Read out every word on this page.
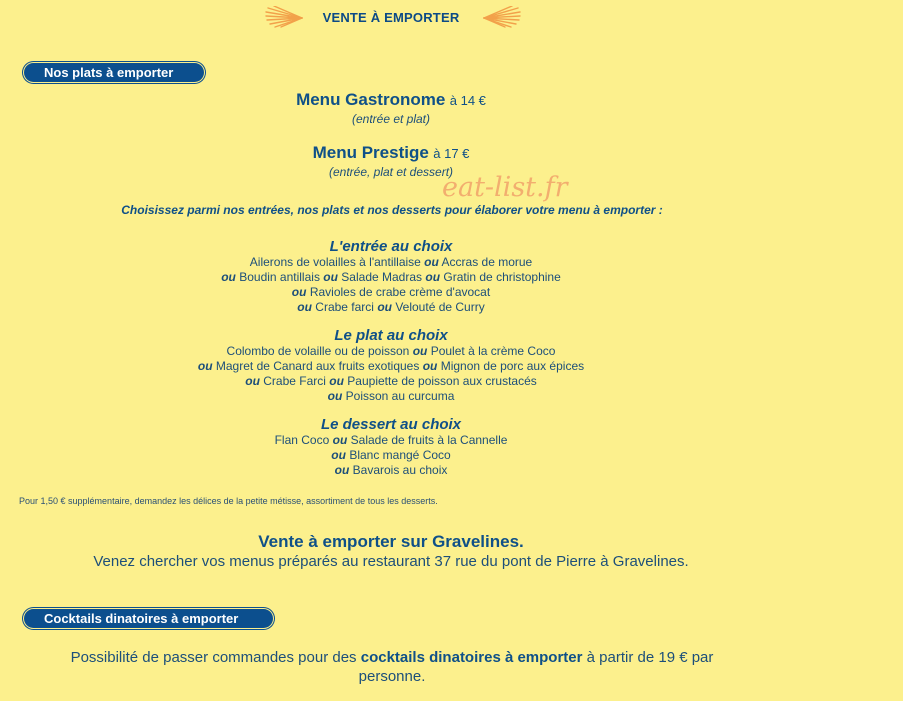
VENTE À EMPORTER
Nos plats à emporter
Menu Gastronome à 14 €
(entrée et plat)
Menu Prestige à 17 €
(entrée, plat et dessert)
eat-list.fr
Choisissez parmi nos entrées, nos plats et nos desserts pour élaborer votre menu à emporter :
L'entrée au choix
Ailerons de volailles à l'antillaise ou Accras de morue
ou Boudin antillais ou Salade Madras ou Gratin de christophine
ou Ravioles de crabe crème d'avocat
ou Crabe farci ou Velouté de Curry
Le plat au choix
Colombo de volaille ou de poisson ou Poulet à la crème Coco
ou Magret de Canard aux fruits exotiques ou Mignon de porc aux épices
ou Crabe Farci ou Paupiette de poisson aux crustacés
ou Poisson au curcuma
Le dessert au choix
Flan Coco ou Salade de fruits à la Cannelle
ou Blanc mangé Coco
ou Bavarois au choix
Pour 1,50 € supplémentaire, demandez les délices de la petite métisse, assortiment de tous les desserts.
Vente à emporter sur Gravelines.
Venez chercher vos menus préparés au restaurant 37 rue du pont de Pierre à Gravelines.
Cocktails dinatoires à emporter
Possibilité de passer commandes pour des cocktails dinatoires à emporter à partir de 19 € par personne.
